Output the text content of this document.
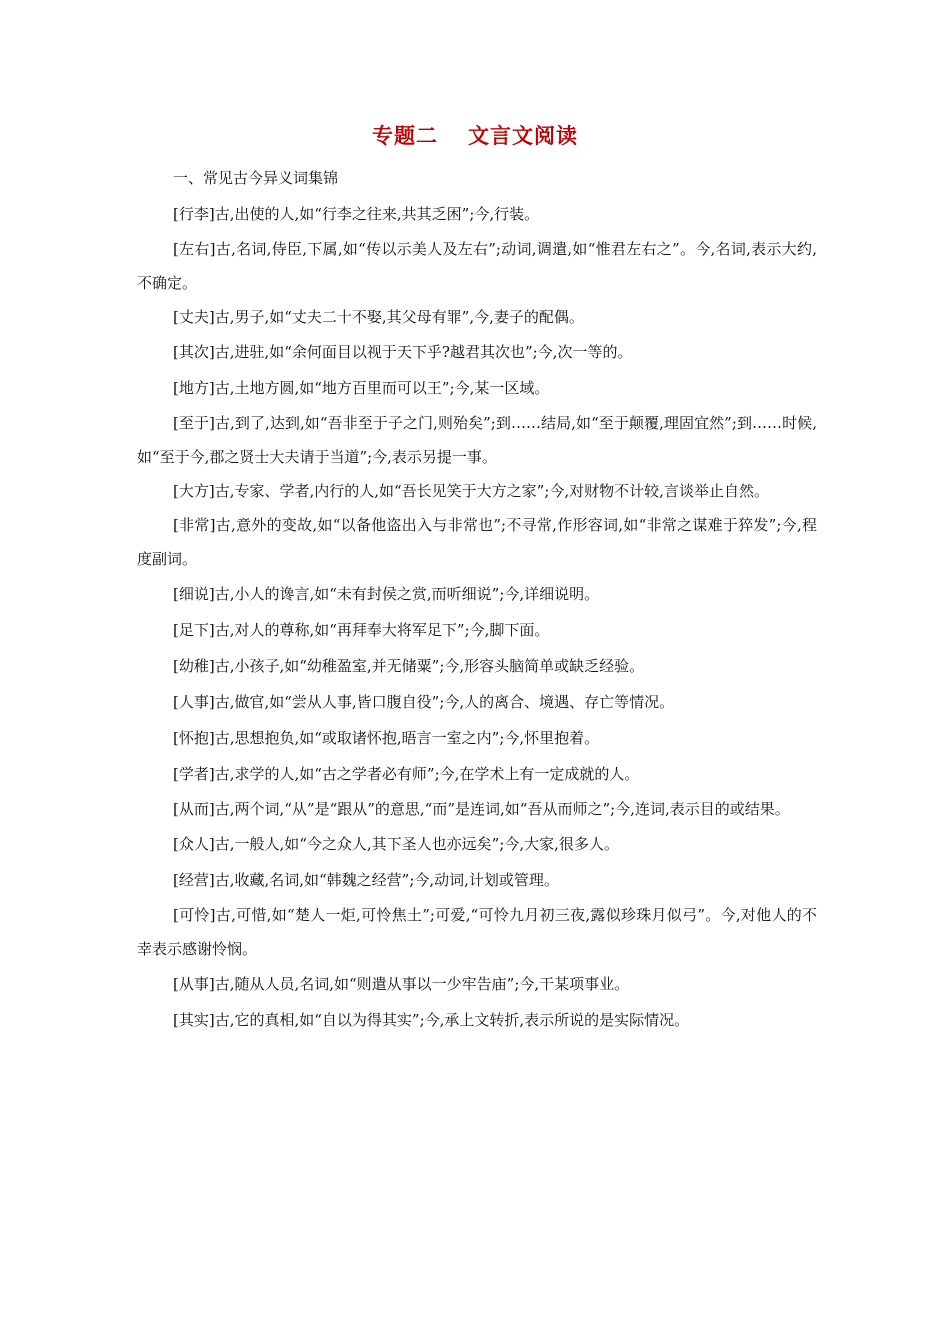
专题二 文言文阅读

一、常见古今异义词集锦

[行李]古,出使的人,如“行李之往来,共其乏困”;今,行装。

[左右]古,名词,侍臣,下属,如“传以示美人及左右”;动词,调遣,如“惟君左右之”。今,名词,表示大约,不确定。

[丈夫]古,男子,如“丈夫二十不娶,其父母有罪”,今,妻子的配偶。

[其次]古,进驻,如“余何面目以视于天下乎?越君其次也”;今,次一等的。

[地方]古,土地方圆,如“地方百里而可以王”;今,某一区域。

[至于]古,到了,达到,如“吾非至于子之门,则殆矣”;到……结局,如“至于颠覆,理固宜然”;到……时候,如“至于今,郡之贤士大夫请于当道”;今,表示另提一事。

[大方]古,专家、学者,内行的人,如“吾长见笑于大方之家”;今,对财物不计较,言谈举止自然。

[非常]古,意外的变故,如“以备他盗出入与非常也”;不寻常,作形容词,如“非常之谋难于猝发”;今,程度副词。

[细说]古,小人的谗言,如“未有封侯之赏,而听细说”;今,详细说明。

[足下]古,对人的尊称,如“再拜奉大将军足下”;今,脚下面。

[幼稚]古,小孩子,如“幼稚盈室,并无储粟”;今,形容头脑简单或缺乏经验。

[人事]古,做官,如“尝从人事,皆口腹自役”;今,人的离合、境遇、存亡等情况。

[怀抱]古,思想抱负,如“或取诸怀抱,晤言一室之内”;今,怀里抱着。

[学者]古,求学的人,如“古之学者必有师”;今,在学术上有一定成就的人。

[从而]古,两个词,“从”是“跟从”的意思,“而”是连词,如“吾从而师之”;今,连词,表示目的或结果。

[众人]古,一般人,如“今之众人,其下圣人也亦远矣”;今,大家,很多人。

[经营]古,收藏,名词,如“韩魏之经营”;今,动词,计划或管理。

[可怜]古,可惜,如“楚人一炬,可怜焦土”;可爱,“可怜九月初三夜,露似珍珠月似弓”。今,对他人的不幸表示感谢怜悯。

[从事]古,随从人员,名词,如“则遣从事以一少牢告庙”;今,干某项事业。

[其实]古,它的真相,如“自以为得其实”;今,承上文转折,表示所说的是实际情况。
